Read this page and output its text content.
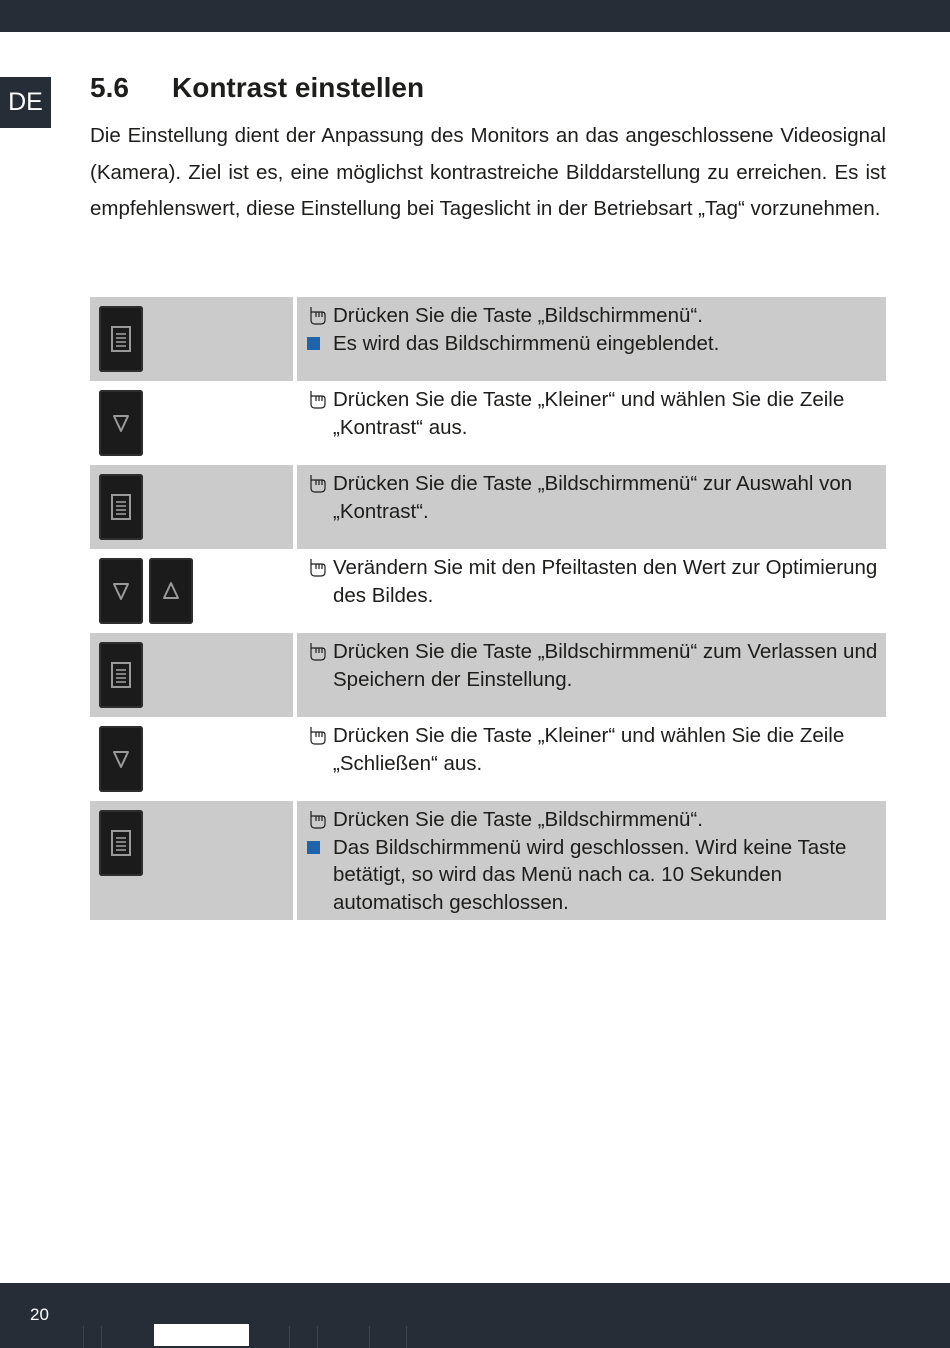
DE 5.6 Kontrast einstellen

Die Einstellung dient der Anpassung des Monitors an das angeschlossene Videosignal (Kamera). Ziel ist es, eine möglichst kontrastreiche Bilddarstellung zu erreichen. Es ist empfehlenswert, diese Einstellung bei Tageslicht in der Betriebsart „Tag“ vorzunehmen.

Drücken Sie die Taste „Bildschirmmenü“.
Es wird das Bildschirmmenü eingeblendet.
Drücken Sie die Taste „Kleiner“ und wählen Sie die Zeile „Kontrast“ aus.
Drücken Sie die Taste „Bildschirmmenü“ zur Auswahl von „Kontrast“.
Verändern Sie mit den Pfeiltasten den Wert zur Optimierung des Bildes.
Drücken Sie die Taste „Bildschirmmenü“ zum Verlassen und Speichern der Einstellung.
Drücken Sie die Taste „Kleiner“ und wählen Sie die Zeile „Schließen“ aus.
Drücken Sie die Taste „Bildschirmmenü“.
Das Bildschirmmenü wird geschlossen. Wird keine Taste betätigt, so wird das Menü nach ca. 10 Sekunden automatisch geschlossen.
20
